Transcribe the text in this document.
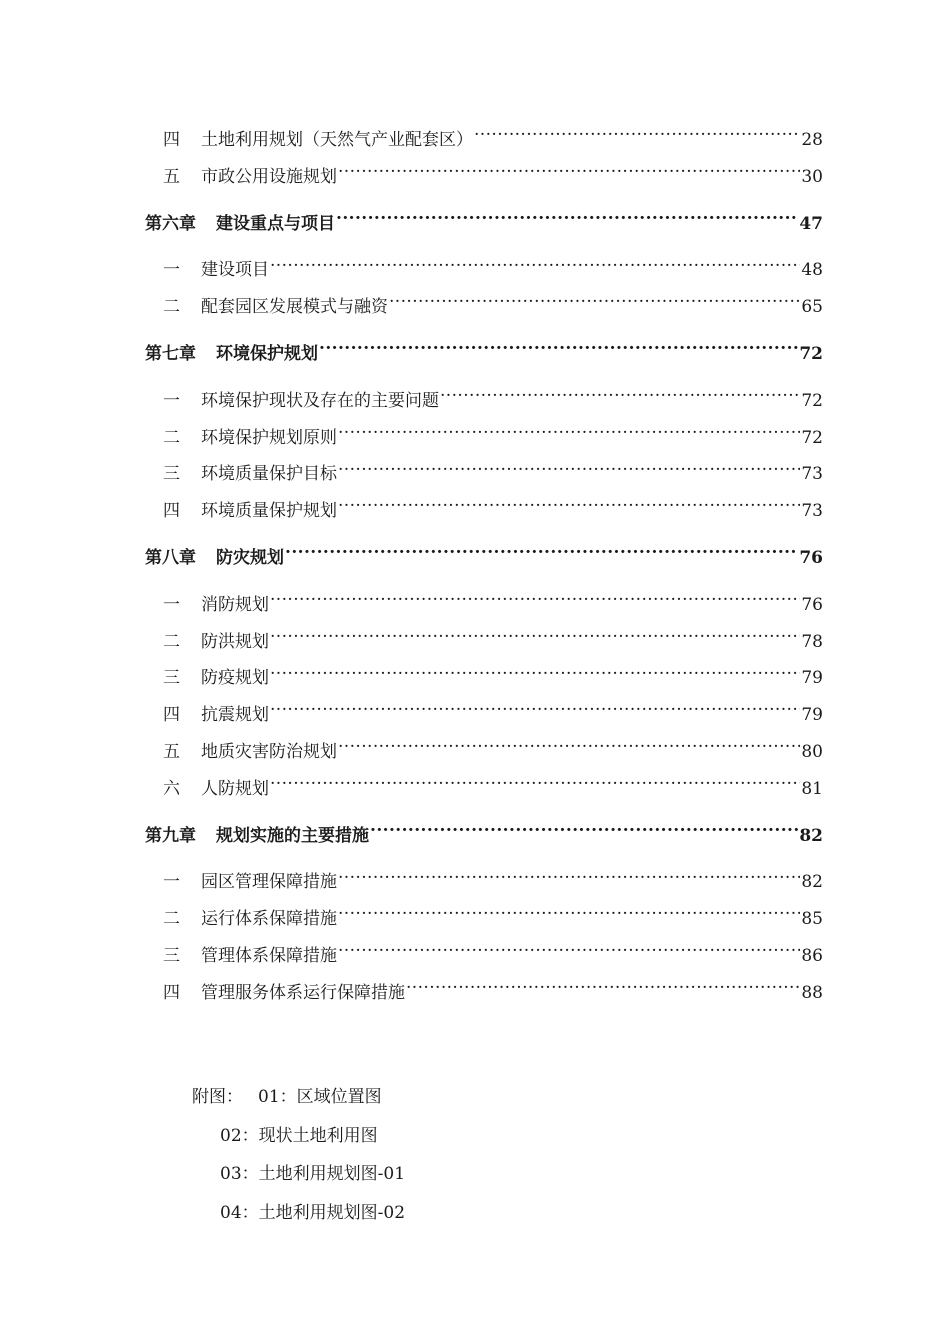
四	土地利用规划（天然气产业配套区） .....	28
五	市政公用设施规划 .....	30
第六章 建设重点与项目 .....	47
一	建设项目 .....	48
二	配套园区发展模式与融资 .....	65
第七章 环境保护规划 .....	72
一	环境保护现状及存在的主要问题 .....	72
二	环境保护规划原则 .....	72
三	环境质量保护目标 .....	73
四	环境质量保护规划 .....	73
第八章 防灾规划 .....	76
一	消防规划 .....	76
二	防洪规划 .....	78
三	防疫规划 .....	79
四	抗震规划 .....	79
五	地质灾害防治规划 .....	80
六	人防规划 .....	81
第九章 规划实施的主要措施 .....	82
一	园区管理保障措施 .....	82
二	运行体系保障措施 .....	85
三	管理体系保障措施 .....	86
四	管理服务体系运行保障措施 .....	88
附图： 01：区域位置图
02：现状土地利用图
03：土地利用规划图-01
04：土地利用规划图-02
